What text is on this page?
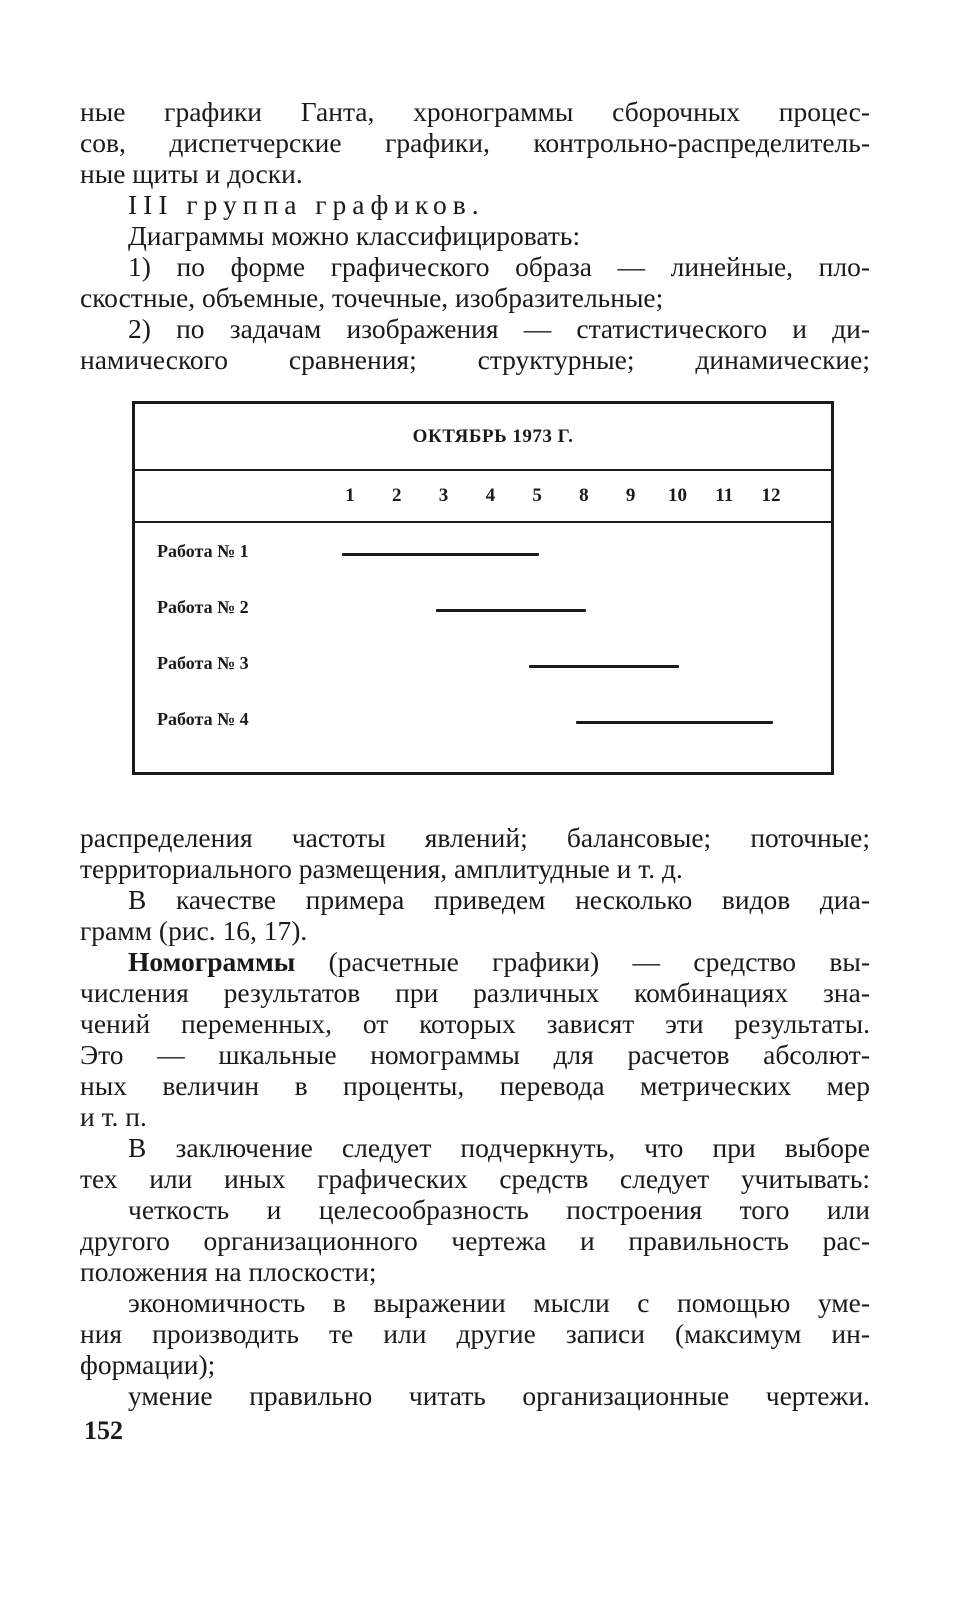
ные графики Ганта, хронограммы сборочных процес-
сов, диспетчерские графики, контрольно-распределитель-
ные щиты и доски.
III группа графиков.
Диаграммы можно классифицировать:
1) по форме графического образа — линейные, пло-
скостные, объемные, точечные, изобразительные;
2) по задачам изображения — статистического и ди-
намического сравнения; структурные; динамические;
ОКТЯБРЬ 1973 Г.
1 2 3 4 5 8 9 10 11 12
Работа № 1
Работа № 2
Работа № 3
Работа № 4
распределения частоты явлений; балансовые; поточные;
территориального размещения, амплитудные и т. д.
В качестве примера приведем несколько видов диа-
грамм (рис. 16, 17).
Номограммы (расчетные графики) — средство вы-
числения результатов при различных комбинациях зна-
чений переменных, от которых зависят эти результаты.
Это — шкальные номограммы для расчетов абсолют-
ных величин в проценты, перевода метрических мер
и т. п.
В заключение следует подчеркнуть, что при выборе
тех или иных графических средств следует учитывать:
четкость и целесообразность построения того или
другого организационного чертежа и правильность рас-
положения на плоскости;
экономичность в выражении мысли с помощью уме-
ния производить те или другие записи (максимум ин-
формации);
умение правильно читать организационные чертежи.
152
